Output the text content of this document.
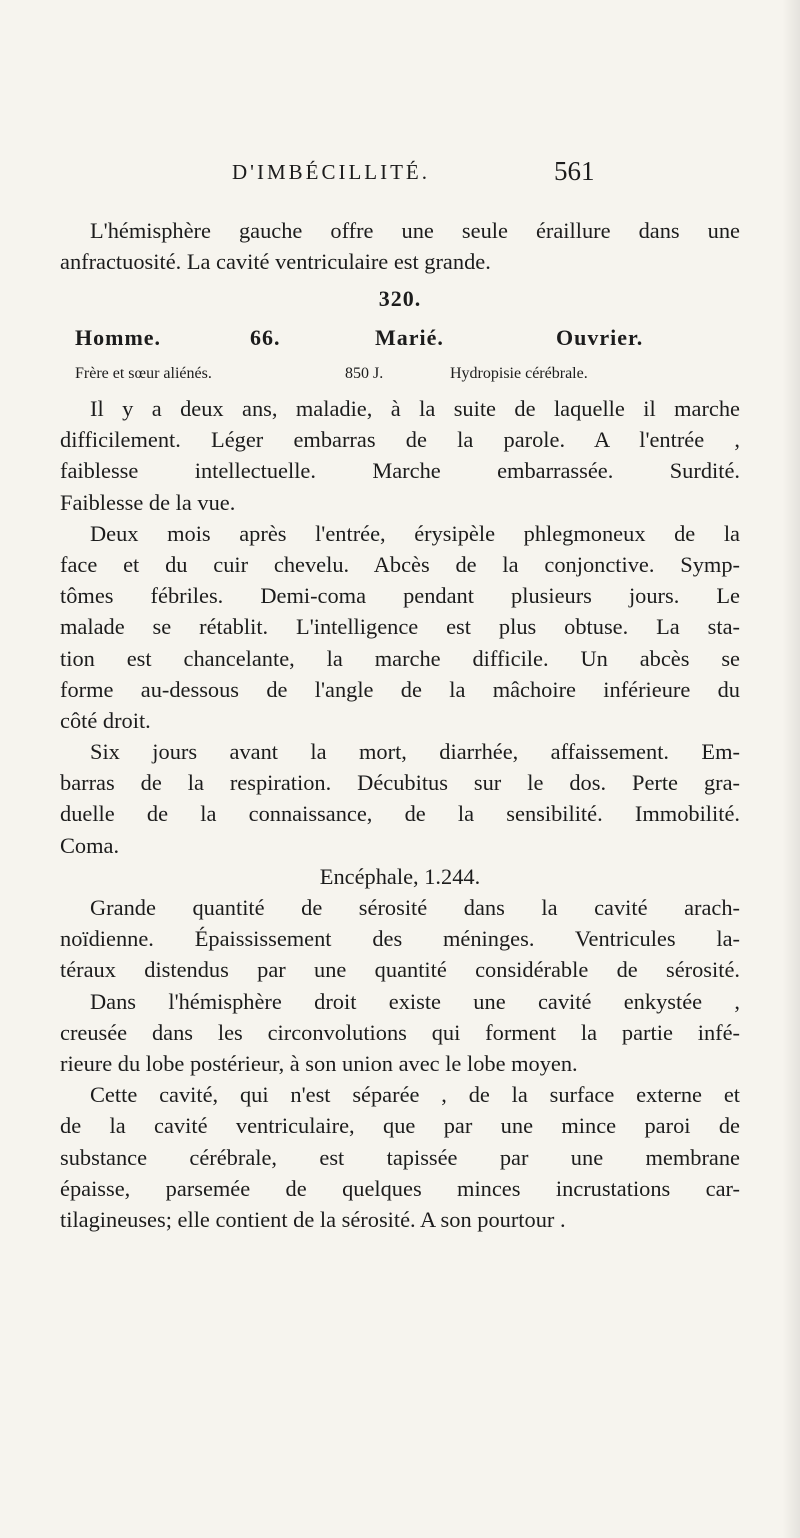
D'IMBÉCILLITÉ.	561
L'hémisphère gauche offre une seule éraillure dans une
anfractuosité. La cavité ventriculaire est grande.
320.
Homme.	66.	Marié.	Ouvrier.
Frère et sœur aliénés.	850 J.	Hydropisie cérébrale.
Il y a deux ans, maladie, à la suite de laquelle il marche
difficilement. Léger embarras de la parole. A l'entrée ,
faiblesse intellectuelle. Marche embarrassée. Surdité.
Faiblesse de la vue.
Deux mois après l'entrée, érysipèle phlegmoneux de la
face et du cuir chevelu. Abcès de la conjonctive. Symp-
tômes fébriles. Demi-coma pendant plusieurs jours. Le
malade se rétablit. L'intelligence est plus obtuse. La sta-
tion est chancelante, la marche difficile. Un abcès se
forme au-dessous de l'angle de la mâchoire inférieure du
côté droit.
Six jours avant la mort, diarrhée, affaissement. Em-
barras de la respiration. Décubitus sur le dos. Perte gra-
duelle de la connaissance, de la sensibilité. Immobilité.
Coma.
Encéphale, 1.244.
Grande quantité de sérosité dans la cavité arach-
noïdienne. Épaississement des méninges. Ventricules la-
téraux distendus par une quantité considérable de sérosité.
Dans l'hémisphère droit existe une cavité enkystée ,
creusée dans les circonvolutions qui forment la partie infé-
rieure du lobe postérieur, à son union avec le lobe moyen.
Cette cavité, qui n'est séparée , de la surface externe et
de la cavité ventriculaire, que par une mince paroi de
substance cérébrale, est tapissée par une membrane
épaisse, parsemée de quelques minces incrustations car-
tilagineuses; elle contient de la sérosité. A son pourtour .
